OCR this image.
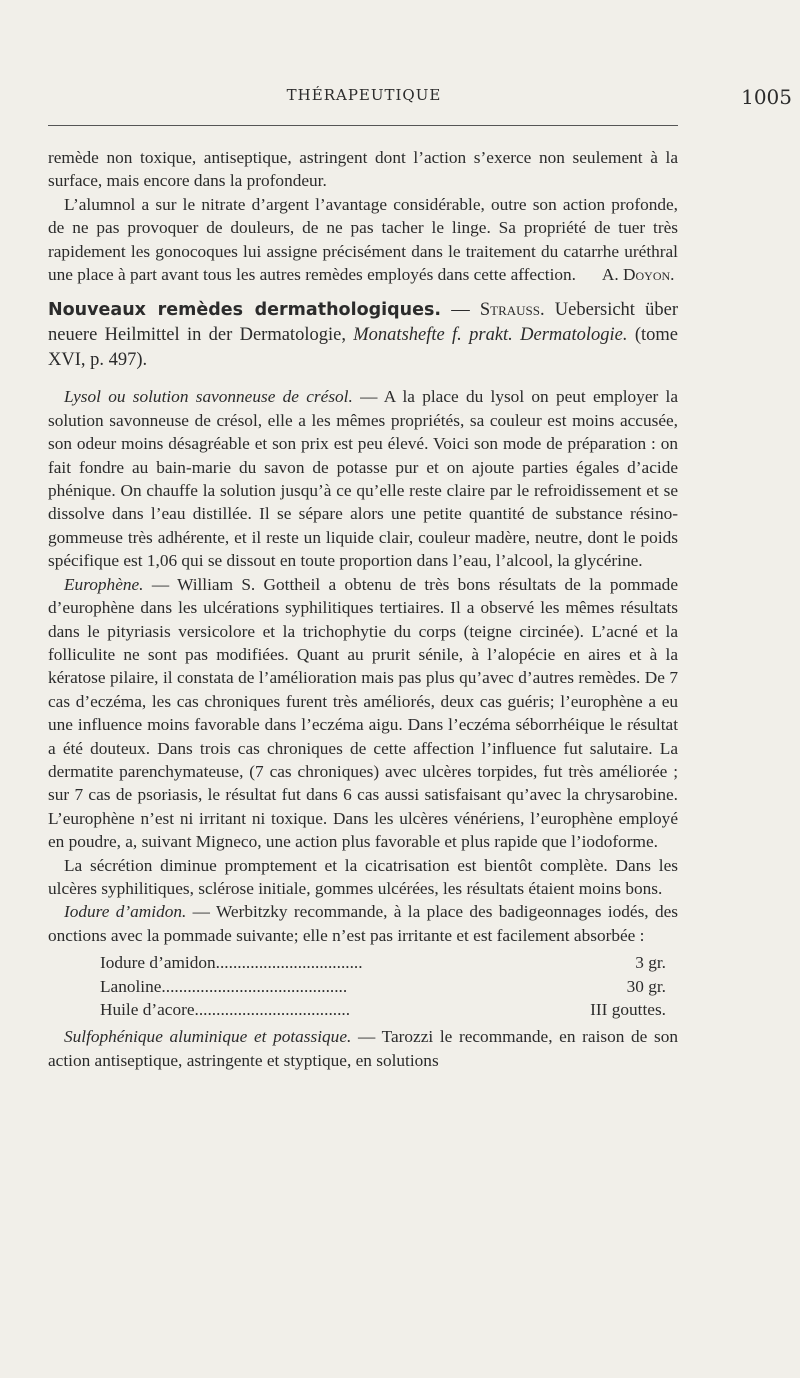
THÉRAPEUTIQUE	1005

remède non toxique, antiseptique, astringent dont l’action s’exerce non seulement à la surface, mais encore dans la profondeur.

L’alumnol a sur le nitrate d’argent l’avantage considérable, outre son action profonde, de ne pas provoquer de douleurs, de ne pas tacher le linge. Sa propriété de tuer très rapidement les gonocoques lui assigne précisément dans le traitement du catarrhe uréthral une place à part avant tous les autres remèdes employés dans cette affection. A. Doyon.

Nouveaux remèdes dermathologiques. — Strauss. Uebersicht über neuere Heilmittel in der Dermatologie, Monatshefte f. prakt. Dermatologie. (tome XVI, p. 497).

Lysol ou solution savonneuse de crésol. — A la place du lysol on peut employer la solution savonneuse de crésol, elle a les mêmes propriétés, sa couleur est moins accusée, son odeur moins désagréable et son prix est peu élevé. Voici son mode de préparation : on fait fondre au bain-marie du savon de potasse pur et on ajoute parties égales d’acide phénique. On chauffe la solution jusqu’à ce qu’elle reste claire par le refroidissement et se dissolve dans l’eau distillée. Il se sépare alors une petite quantité de substance résino-gommeuse très adhérente, et il reste un liquide clair, couleur madère, neutre, dont le poids spécifique est 1,06 qui se dissout en toute proportion dans l’eau, l’alcool, la glycérine.

Europhène. — William S. Gottheil a obtenu de très bons résultats de la pommade d’europhène dans les ulcérations syphilitiques tertiaires. Il a observé les mêmes résultats dans le pityriasis versicolore et la trichophytie du corps (teigne circinée). L’acné et la folliculite ne sont pas modifiées. Quant au prurit sénile, à l’alopécie en aires et à la kératose pilaire, il constata de l’amélioration mais pas plus qu’avec d’autres remèdes. De 7 cas d’eczéma, les cas chroniques furent très améliorés, deux cas guéris; l’europhène a eu une influence moins favorable dans l’eczéma aigu. Dans l’eczéma séborrhéique le résultat a été douteux. Dans trois cas chroniques de cette affection l’influence fut salutaire. La dermatite parenchymateuse, (7 cas chroniques) avec ulcères torpides, fut très améliorée ; sur 7 cas de psoriasis, le résultat fut dans 6 cas aussi satisfaisant qu’avec la chrysarobine. L’europhène n’est ni irritant ni toxique. Dans les ulcères vénériens, l’europhène employé en poudre, a, suivant Migneco, une action plus favorable et plus rapide que l’iodoforme.

La sécrétion diminue promptement et la cicatrisation est bientôt complète. Dans les ulcères syphilitiques, sclérose initiale, gommes ulcérées, les résultats étaient moins bons.

Iodure d’amidon. — Werbitzky recommande, à la place des badigeonnages iodés, des onctions avec la pommade suivante; elle n’est pas irritante et est facilement absorbée :

Iodure d’amidon..................................	3 gr.
Lanoline...........................................	30 gr.
Huile d’acore....................................	III gouttes.

Sulfophénique aluminique et potassique. — Tarozzi le recommande, en raison de son action antiseptique, astringente et styptique, en solutions
